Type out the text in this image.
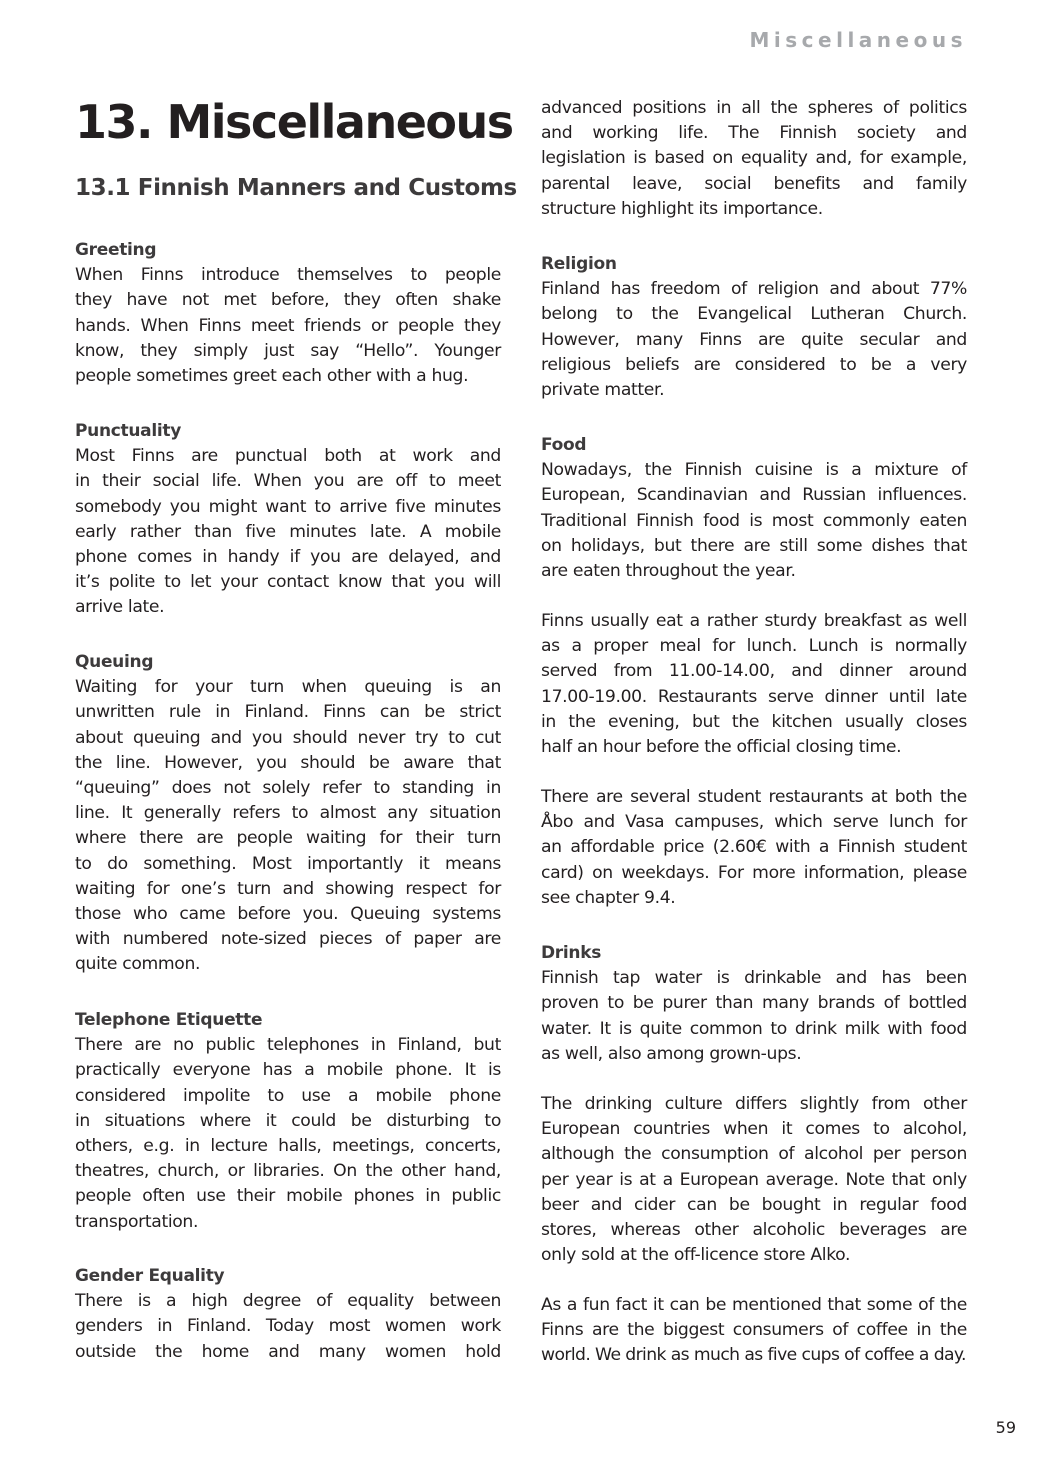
Miscellaneous
13. Miscellaneous
13.1 Finnish Manners and Customs
Greeting
When Finns introduce themselves to people
they have not met before, they often shake
hands. When Finns meet friends or people they
know, they simply just say “Hello”. Younger
people sometimes greet each other with a hug.
Punctuality
Most Finns are punctual both at work and
in their social life. When you are off to meet
somebody you might want to arrive five minutes
early rather than five minutes late. A mobile
phone comes in handy if you are delayed, and
it’s polite to let your contact know that you will
arrive late.
Queuing
Waiting for your turn when queuing is an
unwritten rule in Finland. Finns can be strict
about queuing and you should never try to cut
the line. However, you should be aware that
“queuing” does not solely refer to standing in
line. It generally refers to almost any situation
where there are people waiting for their turn
to do something. Most importantly it means
waiting for one’s turn and showing respect for
those who came before you. Queuing systems
with numbered note-sized pieces of paper are
quite common.
Telephone Etiquette
There are no public telephones in Finland, but
practically everyone has a mobile phone. It is
considered impolite to use a mobile phone
in situations where it could be disturbing to
others, e.g. in lecture halls, meetings, concerts,
theatres, church, or libraries. On the other hand,
people often use their mobile phones in public
transportation.
Gender Equality
There is a high degree of equality between
genders in Finland. Today most women work
outside the home and many women hold
advanced positions in all the spheres of politics
and working life. The Finnish society and
legislation is based on equality and, for example,
parental leave, social benefits and family
structure highlight its importance.
Religion
Finland has freedom of religion and about 77%
belong to the Evangelical Lutheran Church.
However, many Finns are quite secular and
religious beliefs are considered to be a very
private matter.
Food
Nowadays, the Finnish cuisine is a mixture of
European, Scandinavian and Russian influences.
Traditional Finnish food is most commonly eaten
on holidays, but there are still some dishes that
are eaten throughout the year.
Finns usually eat a rather sturdy breakfast as well
as a proper meal for lunch. Lunch is normally
served from 11.00-14.00, and dinner around
17.00-19.00. Restaurants serve dinner until late
in the evening, but the kitchen usually closes
half an hour before the official closing time.
There are several student restaurants at both the
Åbo and Vasa campuses, which serve lunch for
an affordable price (2.60€ with a Finnish student
card) on weekdays. For more information, please
see chapter 9.4.
Drinks
Finnish tap water is drinkable and has been
proven to be purer than many brands of bottled
water. It is quite common to drink milk with food
as well, also among grown-ups.
The drinking culture differs slightly from other
European countries when it comes to alcohol,
although the consumption of alcohol per person
per year is at a European average. Note that only
beer and cider can be bought in regular food
stores, whereas other alcoholic beverages are
only sold at the off-licence store Alko.
As a fun fact it can be mentioned that some of the
Finns are the biggest consumers of coffee in the
world. We drink as much as five cups of coffee a day.
59
